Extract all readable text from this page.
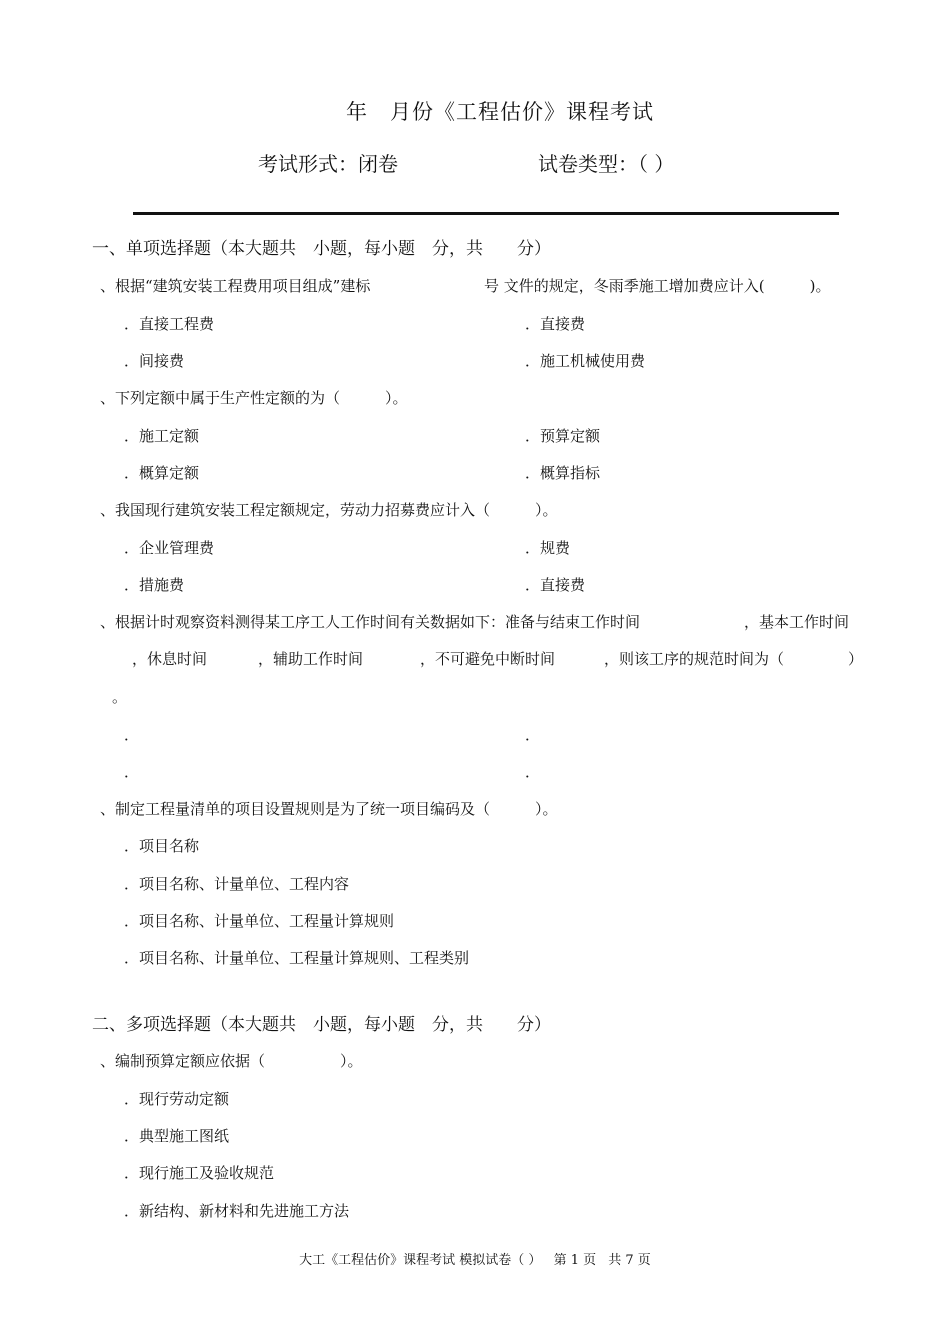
年　月份《工程估价》课程考试
考试形式：闭卷	试卷类型：（ ）
一、单项选择题（本大题共　小题，每小题　分，共　　分）
、根据“建筑安装工程费用项目组成”建标	号 文件的规定，冬雨季施工增加费应计入(　　　)。
．直接工程费	．直接费
．间接费	．施工机械使用费
、下列定额中属于生产性定额的为（　　　）。
．施工定额	．预算定额
．概算定额	．概算指标
、我国现行建筑安装工程定额规定，劳动力招募费应计入（　　　）。
．企业管理费	．规费
．措施费	．直接费
、根据计时观察资料测得某工序工人工作时间有关数据如下：准备与结束工作时间	，基本工作时间
，休息时间	，辅助工作时间	，不可避免中断时间	，则该工序的规范时间为（	）
。
．	．
．	．
、制定工程量清单的项目设置规则是为了统一项目编码及（　　　）。
．项目名称
．项目名称、计量单位、工程内容
．项目名称、计量单位、工程量计算规则
．项目名称、计量单位、工程量计算规则、工程类别
二、多项选择题（本大题共　小题，每小题　分，共　　分）
、编制预算定额应依据（　　　　　）。
．现行劳动定额
．典型施工图纸
．现行施工及验收规范
．新结构、新材料和先进施工方法
大工《工程估价》课程考试 模拟试卷（ ） 第 1 页 共 7 页
